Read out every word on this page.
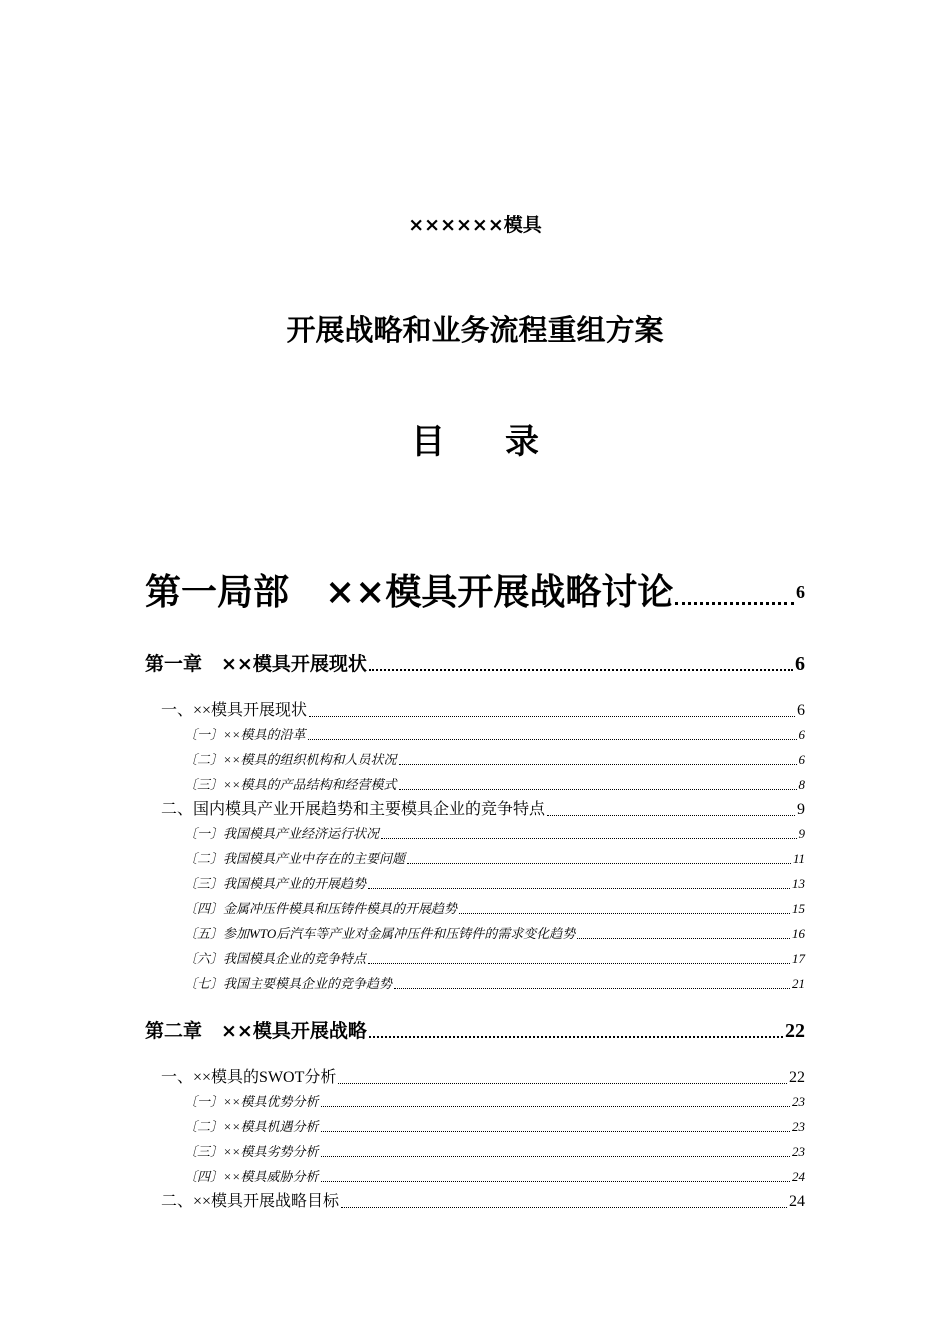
××××××模具
开展战略和业务流程重组方案
目录
第一局部　××模具开展战略讨论	6
第一章　××模具开展现状	6
一、××模具开展现状	6
〔一〕××模具的沿革	6
〔二〕××模具的组织机构和人员状况	6
〔三〕××模具的产品结构和经营模式	8
二、国内模具产业开展趋势和主要模具企业的竞争特点	9
〔一〕我国模具产业经济运行状况	9
〔二〕我国模具产业中存在的主要问题	11
〔三〕我国模具产业的开展趋势	13
〔四〕金属冲压件模具和压铸件模具的开展趋势	15
〔五〕参加WTO后汽车等产业对金属冲压件和压铸件的需求变化趋势	16
〔六〕我国模具企业的竞争特点	17
〔七〕我国主要模具企业的竞争趋势	21
第二章　××模具开展战略	22
一、××模具的SWOT分析	22
〔一〕××模具优势分析	23
〔二〕××模具机遇分析	23
〔三〕××模具劣势分析	23
〔四〕××模具威胁分析	24
二、××模具开展战略目标	24
